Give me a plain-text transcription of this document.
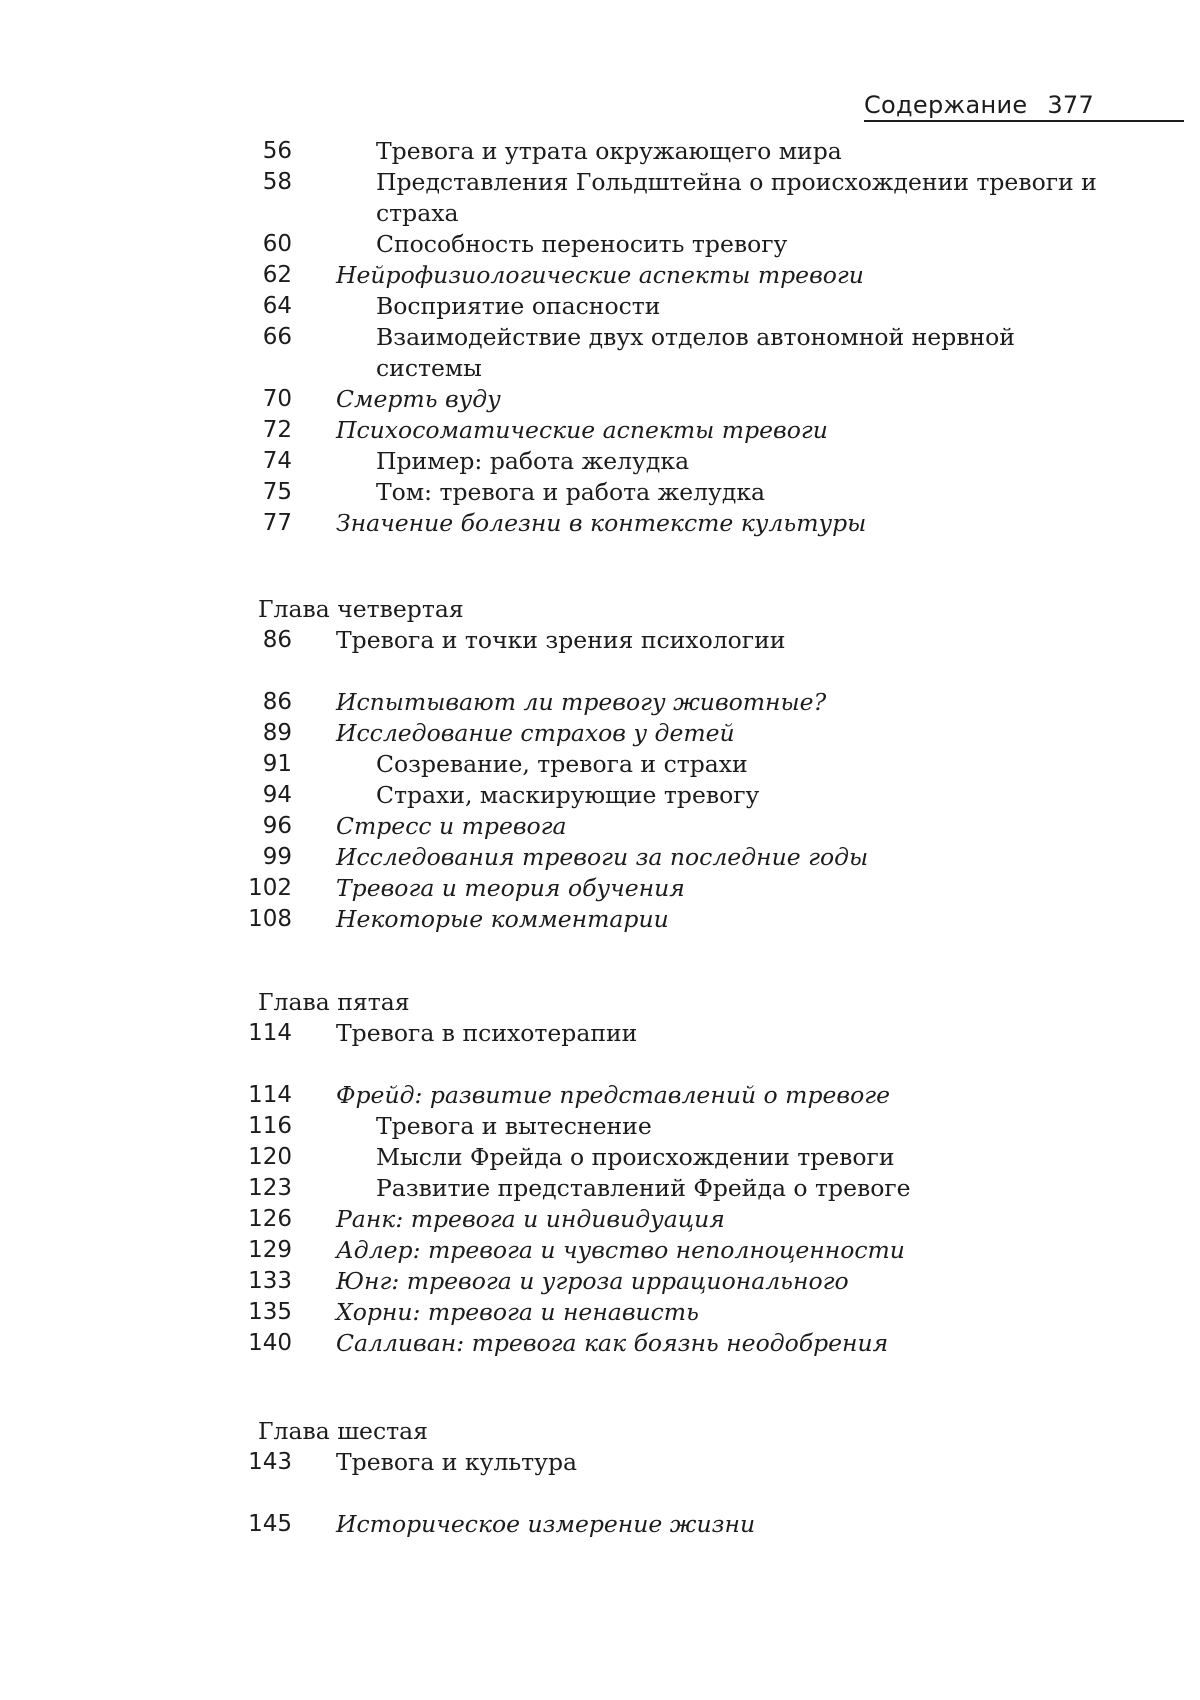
Содержание 377
56	Тревога и утрата окружающего мира
58	Представления Гольдштейна о происхождении тревоги и страха
60	Способность переносить тревогу
62 Нейрофизиологические аспекты тревоги
64	Восприятие опасности
66	Взаимодействие двух отделов автономной нервной системы
70 Смерть вуду
72 Психосоматические аспекты тревоги
74	Пример: работа желудка
75	Том: тревога и работа желудка
77 Значение болезни в контексте культуры
Глава четвертая
86 Тревога и точки зрения психологии
86 Испытывают ли тревогу животные?
89 Исследование страхов у детей
91	Созревание, тревога и страхи
94	Страхи, маскирующие тревогу
96 Стресс и тревога
99 Исследования тревоги за последние годы
102 Тревога и теория обучения
108 Некоторые комментарии
Глава пятая
114 Тревога в психотерапии
114 Фрейд: развитие представлений о тревоге
116	Тревога и вытеснение
120	Мысли Фрейда о происхождении тревоги
123	Развитие представлений Фрейда о тревоге
126 Ранк: тревога и индивидуация
129 Адлер: тревога и чувство неполноценности
133 Юнг: тревога и угроза иррационального
135 Хорни: тревога и ненависть
140 Салливан: тревога как боязнь неодобрения
Глава шестая
143 Тревога и культура
145 Историческое измерение жизни
